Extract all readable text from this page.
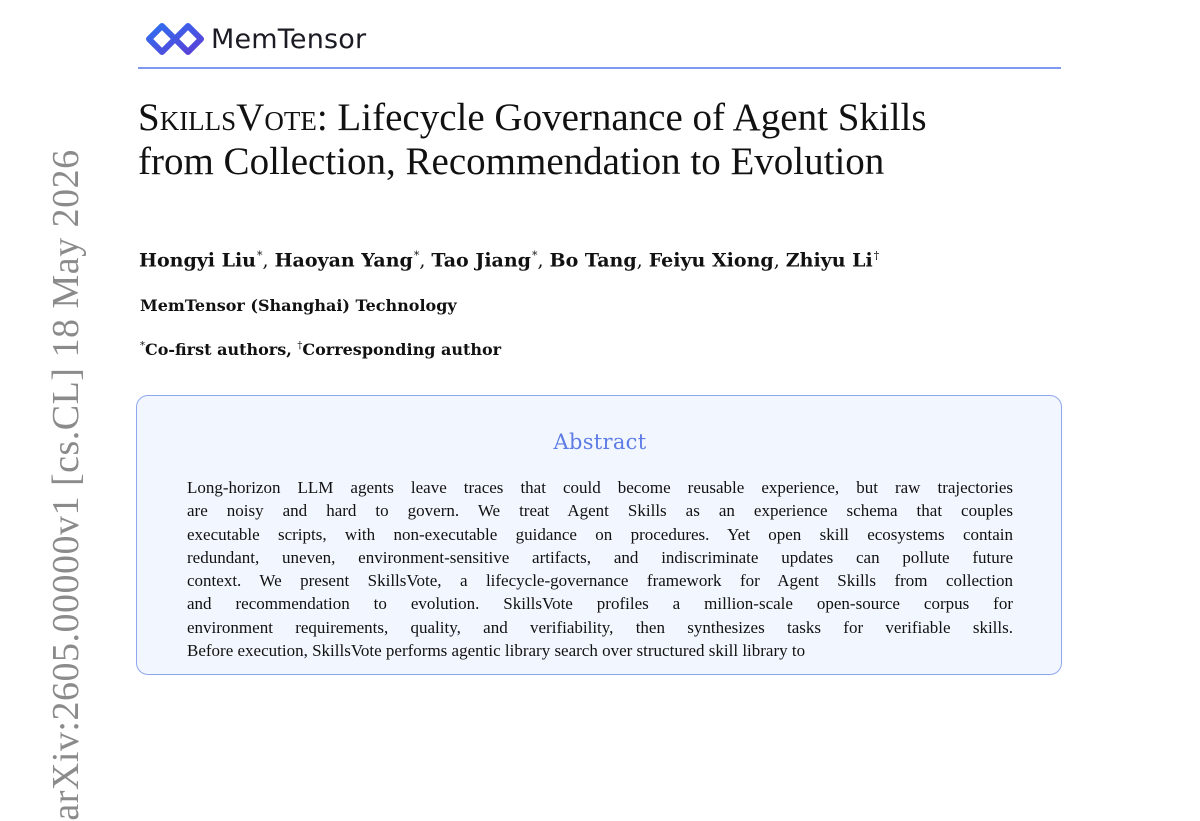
MemTensor
SkillsVote: Lifecycle Governance of Agent Skills
from Collection, Recommendation to Evolution
Hongyi Liu*, Haoyan Yang*, Tao Jiang*, Bo Tang, Feiyu Xiong, Zhiyu Li†
MemTensor (Shanghai) Technology
*Co-first authors, †Corresponding author
Abstract
Long-horizon LLM agents leave traces that could become reusable experience, but raw trajectories
are noisy and hard to govern. We treat Agent Skills as an experience schema that couples
executable scripts, with non-executable guidance on procedures. Yet open skill ecosystems contain
redundant, uneven, environment-sensitive artifacts, and indiscriminate updates can pollute future
context. We present SkillsVote, a lifecycle-governance framework for Agent Skills from collection
and recommendation to evolution. SkillsVote profiles a million-scale open-source corpus for
environment requirements, quality, and verifiability, then synthesizes tasks for verifiable skills.
Before execution, SkillsVote performs agentic library search over structured skill library to
arXiv:2605.00000v1 [cs.CL] 18 May 2026
